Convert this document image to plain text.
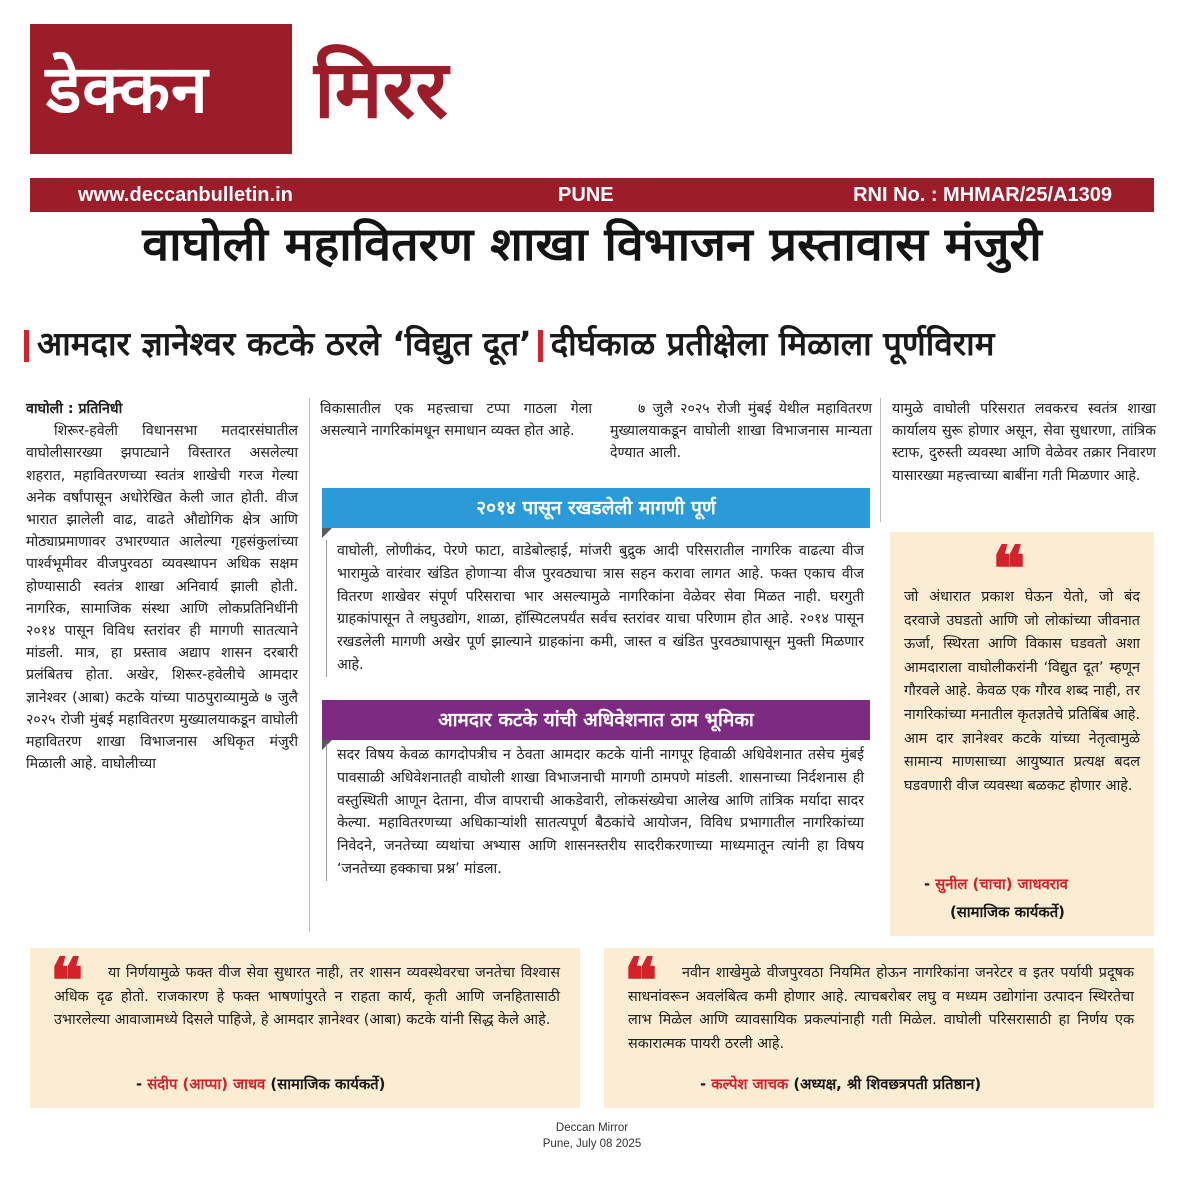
डेक्कन	मिरर
www.deccanbulletin.in	PUNE	RNI No. : MHMAR/25/A1309
वाघोली महावितरण शाखा विभाजन प्रस्तावास मंजुरी
आमदार ज्ञानेश्वर कटके ठरले ‘विद्युत दूत’ दीर्घकाळ प्रतीक्षेला मिळाला पूर्णविराम
वाघोली : प्रतिनिधी
शिरूर-हवेली विधानसभा मतदारसंघातील वाघोलीसारख्या झपाट्याने विस्तारत असलेल्या शहरात, महावितरणच्या स्वतंत्र शाखेची गरज गेल्या अनेक वर्षांपासून अधोरेखित केली जात होती. वीज भारात झालेली वाढ, वाढते औद्योगिक क्षेत्र आणि मोठ्याप्रमाणावर उभारण्यात आलेल्या गृहसंकुलांच्या पार्श्वभूमीवर वीजपुरवठा व्यवस्थापन अधिक सक्षम होण्यासाठी स्वतंत्र शाखा अनिवार्य झाली होती. नागरिक, सामाजिक संस्था आणि लोकप्रतिनिधींनी २०१४ पासून विविध स्तरांवर ही मागणी सातत्याने मांडली. मात्र, हा प्रस्ताव अद्याप शासन दरबारी प्रलंबितच होता. अखेर, शिरूर-हवेलीचे आमदार ज्ञानेश्वर (आबा) कटके यांच्या पाठपुराव्यामुळे ७ जुलै २०२५ रोजी मुंबई महावितरण मुख्यालयाकडून वाघोली महावितरण शाखा विभाजनास अधिकृत मंजुरी मिळाली आहे. वाघोलीच्या
विकासातील एक महत्त्वाचा टप्पा गाठला गेला असल्याने नागरिकांमधून समाधान व्यक्त होत आहे.
७ जुलै २०२५ रोजी मुंबई येथील महावितरण मुख्यालयाकडून वाघोली शाखा विभाजनास मान्यता देण्यात आली.
यामुळे वाघोली परिसरात लवकरच स्वतंत्र शाखा कार्यालय सुरू होणार असून, सेवा सुधारणा, तांत्रिक स्टाफ, दुरुस्ती व्यवस्था आणि वेळेवर तक्रार निवारण यासारख्या महत्त्वाच्या बाबींना गती मिळणार आहे.
२०१४ पासून रखडलेली मागणी पूर्ण
वाघोली, लोणीकंद, पेरणे फाटा, वाडेबोल्हाई, मांजरी बुद्रुक आदी परिसरातील नागरिक वाढत्या वीज भारामुळे वारंवार खंडित होणाऱ्या वीज पुरवठ्याचा त्रास सहन करावा लागत आहे. फक्त एकाच वीज वितरण शाखेवर संपूर्ण परिसराचा भार असल्यामुळे नागरिकांना वेळेवर सेवा मिळत नाही. घरगुती ग्राहकांपासून ते लघुउद्योग, शाळा, हॉस्पिटलपर्यंत सर्वच स्तरांवर याचा परिणाम होत आहे. २०१४ पासून रखडलेली मागणी अखेर पूर्ण झाल्याने ग्राहकांना कमी, जास्त व खंडित पुरवठ्यापासून मुक्ती मिळणार आहे.
आमदार कटके यांची अधिवेशनात ठाम भूमिका
सदर विषय केवळ कागदोपत्रीच न ठेवता आमदार कटके यांनी नागपूर हिवाळी अधिवेशनात तसेच मुंबई पावसाळी अधिवेशनातही वाघोली शाखा विभाजनाची मागणी ठामपणे मांडली. शासनाच्या निर्दशनास ही वस्तुस्थिती आणून देताना, वीज वापराची आकडेवारी, लोकसंख्येचा आलेख आणि तांत्रिक मर्यादा सादर केल्या. महावितरणच्या अधिकाऱ्यांशी सातत्यपूर्ण बैठकांचे आयोजन, विविध प्रभागातील नागरिकांच्या निवेदने, जनतेच्या व्यथांचा अभ्यास आणि शासनस्तरीय सादरीकरणाच्या माध्यमातून त्यांनी हा विषय ‘जनतेच्या हक्काचा प्रश्न’ मांडला.
❝
जो अंधारात प्रकाश घेऊन येतो, जो बंद दरवाजे उघडतो आणि जो लोकांच्या जीवनात ऊर्जा, स्थिरता आणि विकास घडवतो अशा आमदाराला वाघोलीकरांनी ‘विद्युत दूत’ म्हणून गौरवले आहे. केवळ एक गौरव शब्द नाही, तर नागरिकांच्या मनातील कृतज्ञतेचे प्रतिबिंब आहे. आम दार ज्ञानेश्वर कटके यांच्या नेतृत्वामुळे सामान्य माणसाच्या आयुष्यात प्रत्यक्ष बदल घडवणारी वीज व्यवस्था बळकट होणार आहे.
- सुनील (चाचा) जाधवराव
(सामाजिक कार्यकर्ते)
❝	या निर्णयामुळे फक्त वीज सेवा सुधारत नाही, तर शासन व्यवस्थेवरचा जनतेचा विश्वास अधिक दृढ होतो. राजकारण हे फक्त भाषणांपुरते न राहता कार्य, कृती आणि जनहितासाठी उभारलेल्या आवाजामध्ये दिसले पाहिजे, हे आमदार ज्ञानेश्वर (आबा) कटके यांनी सिद्ध केले आहे.
- संदीप (आप्पा) जाधव (सामाजिक कार्यकर्ते)
❝	नवीन शाखेमुळे वीजपुरवठा नियमित होऊन नागरिकांना जनरेटर व इतर पर्यायी प्रदूषक साधनांवरून अवलंबित्व कमी होणार आहे. त्याचबरोबर लघु व मध्यम उद्योगांना उत्पादन स्थिरतेचा लाभ मिळेल आणि व्यावसायिक प्रकल्पांनाही गती मिळेल. वाघोली परिसरासाठी हा निर्णय एक सकारात्मक पायरी ठरली आहे.
- कल्पेश जाचक (अध्यक्ष, श्री शिवछत्रपती प्रतिष्ठान)
Deccan Mirror
Pune, July 08 2025
